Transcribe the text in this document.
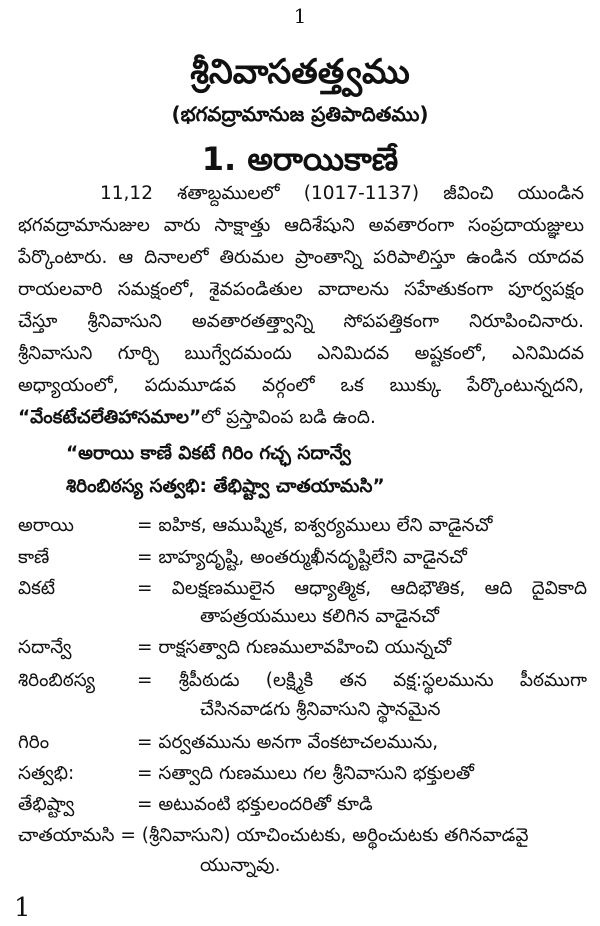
1
శ్రీనివాసతత్త్వము
(భగవద్రామానుజ ప్రతిపాదితము)
1. అరాయికాణే
11,12 శతాబ్దములలో (1017-1137) జీవించి యుండిన
భగవద్రామానుజుల వారు సాక్షాత్తు ఆదిశేషుని అవతారంగా సంప్రదాయజ్ఞులు
పేర్కొంటారు. ఆ దినాలలో తిరుమల ప్రాంతాన్ని పరిపాలిస్తూ ఉండిన యాదవ
రాయలవారి సమక్షంలో, శైవపండితుల వాదాలను సహేతుకంగా పూర్వపక్షం
చేస్తూ శ్రీనివాసుని అవతారతత్త్వాన్ని సోపపత్తికంగా నిరూపించినారు.
శ్రీనివాసుని గూర్చి ఋగ్వేదమందు ఎనిమిదవ అష్టకంలో, ఎనిమిదవ
అధ్యాయంలో, పదుమూడవ వర్గంలో ఒక ఋక్కు పేర్కొంటున్నదని,
“వేంకటేచలేతిహాసమాల”లో ప్రస్తావింప బడి ఉంది.
“అరాయి కాణే వికటే గిరిం గచ్ఛ సదాన్వే
శిరింబిఠస్య సత్వభి: తేభిష్ట్వా చాతయామసి”
అరాయి	= ఐహిక, ఆముష్మిక, ఐశ్వర్యములు లేని వాడైనచో
కాణే	= బాహ్యదృష్టి, అంతర్ముఖీనదృష్టిలేని వాడైనచో
వికటే	= విలక్షణములైన ఆధ్యాత్మిక, ఆదిభౌతిక, ఆది దైవికాది
తాపత్రయములు కలిగిన వాడైనచో
సదాన్వే	= రాక్షసత్వాది గుణములావహించి యున్నచో
శిరింబిఠస్య	= శ్రీపీఠుడు (లక్ష్మికి తన వక్ష:స్థలమును పీఠముగా
చేసినవాడగు శ్రీనివాసుని స్థానమైన
గిరిం	= పర్వతమును అనగా వేంకటాచలమును,
సత్వభి:	= సత్వాది గుణములు గల శ్రీనివాసుని భక్తులతో
తేభిష్ట్వా	= అటువంటి భక్తులందరితో కూడి
చాతయామసి = (శ్రీనివాసుని) యాచించుటకు, అర్థించుటకు తగినవాడవై
యున్నావు.
1
